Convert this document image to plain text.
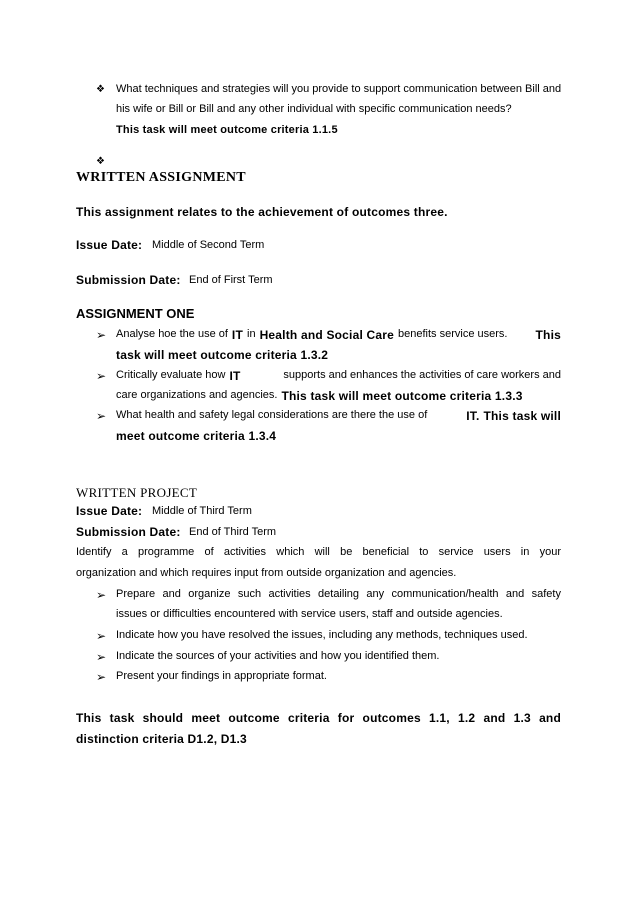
❖ What techniques and strategies will you provide to support communication between Bill and
his wife or Bill or Bill and any other individual with specific communication needs?
This task will meet outcome criteria 1.1.5
❖
WRITTEN ASSIGNMENT
This assignment relates to the achievement of outcomes three.
Issue Date: Middle of Second Term
Submission Date: End of First Term
ASSIGNMENT ONE
➢ Analyse hoe the use of IT in Health and Social Care benefits service users. This
task will meet outcome criteria 1.3.2
➢ Critically evaluate how IT	supports and enhances the activities of care workers and
care organizations and agencies. This task will meet outcome criteria 1.3.3
➢ What health and safety legal considerations are there the use of	IT. This task will
meet outcome criteria 1.3.4
WRITTEN PROJECT
Issue Date: Middle of Third Term
Submission Date: End of Third Term
Identify a programme of activities which will be beneficial to service users in your
organization and which requires input from outside organization and agencies.
➢ Prepare and organize such activities detailing any communication/health and safety
issues or difficulties encountered with service users, staff and outside agencies.
➢ Indicate how you have resolved the issues, including any methods, techniques used.
➢ Indicate the sources of your activities and how you identified them.
➢ Present your findings in appropriate format.
This task should meet outcome criteria for outcomes 1.1, 1.2 and 1.3 and
distinction criteria D1.2, D1.3
